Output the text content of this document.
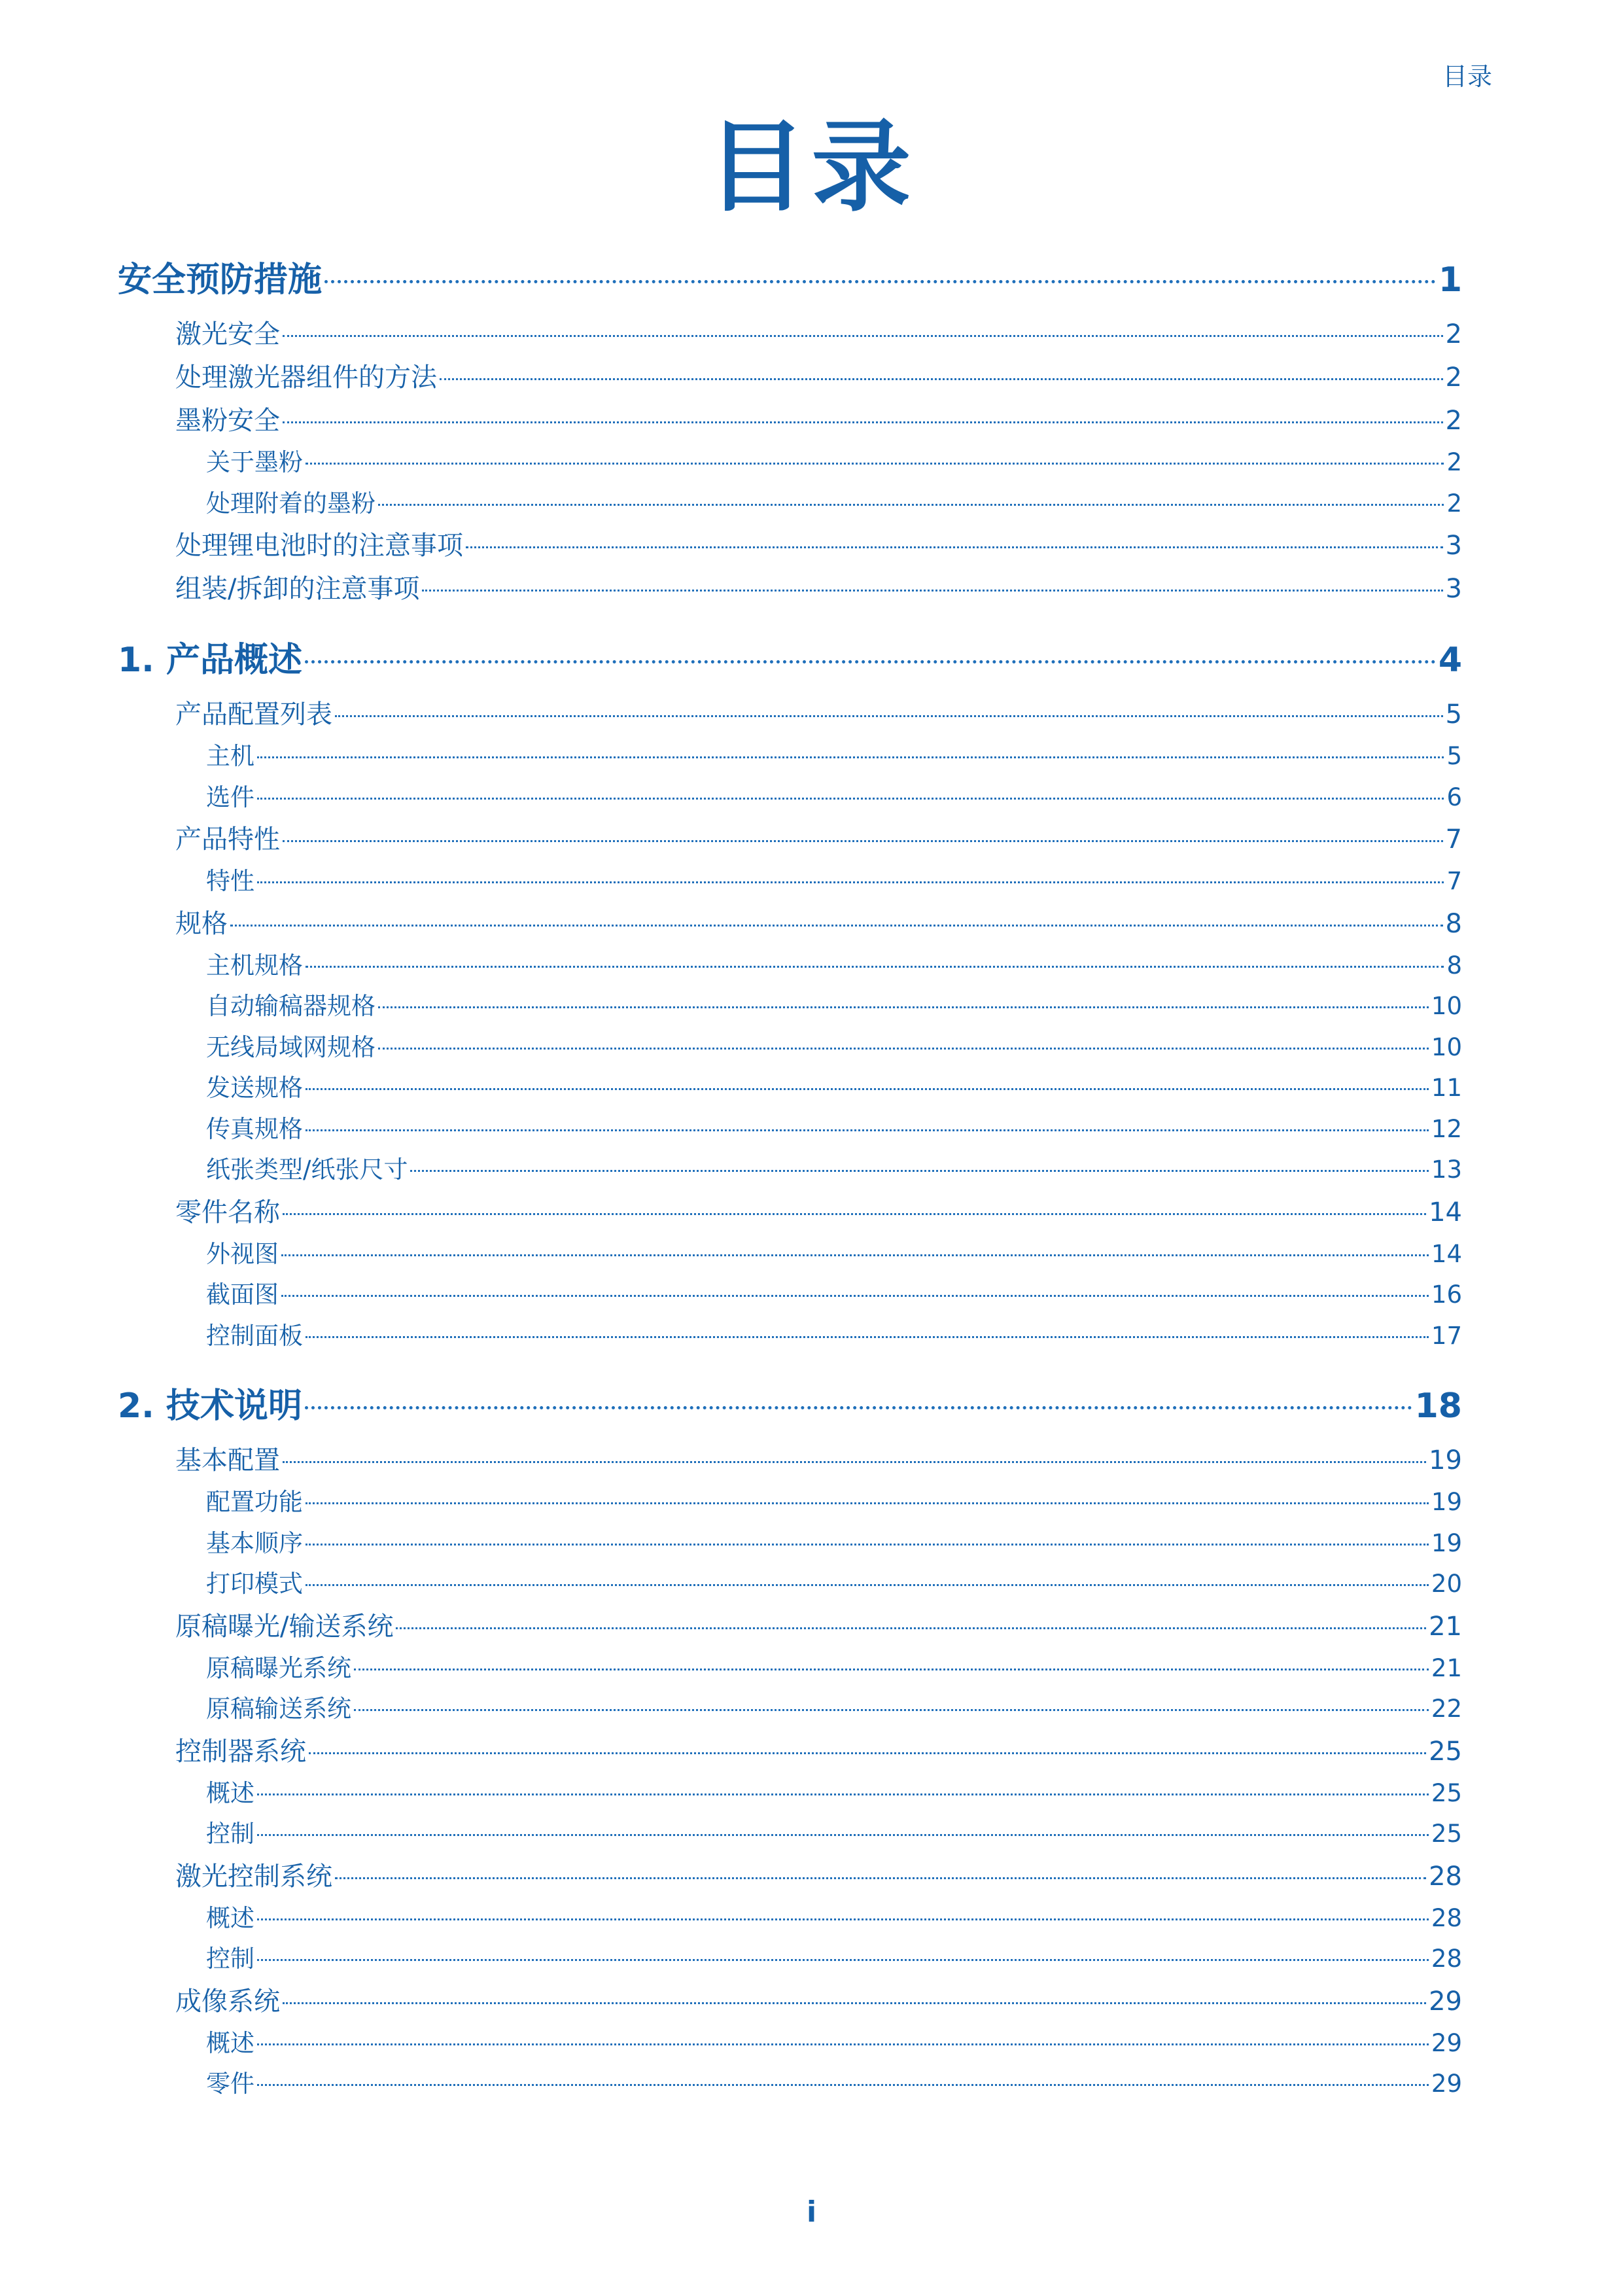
目录
目录
安全预防措施	1
激光安全	2
处理激光器组件的方法	2
墨粉安全	2
关于墨粉	2
处理附着的墨粉	2
处理锂电池时的注意事项	3
组装/拆卸的注意事项	3
1. 产品概述	4
产品配置列表	5
主机	5
选件	6
产品特性	7
特性	7
规格	8
主机规格	8
自动输稿器规格	10
无线局域网规格	10
发送规格	11
传真规格	12
纸张类型/纸张尺寸	13
零件名称	14
外视图	14
截面图	16
控制面板	17
2. 技术说明	18
基本配置	19
配置功能	19
基本顺序	19
打印模式	20
原稿曝光/输送系统	21
原稿曝光系统	21
原稿输送系统	22
控制器系统	25
概述	25
控制	25
激光控制系统	28
概述	28
控制	28
成像系统	29
概述	29
零件	29
i
